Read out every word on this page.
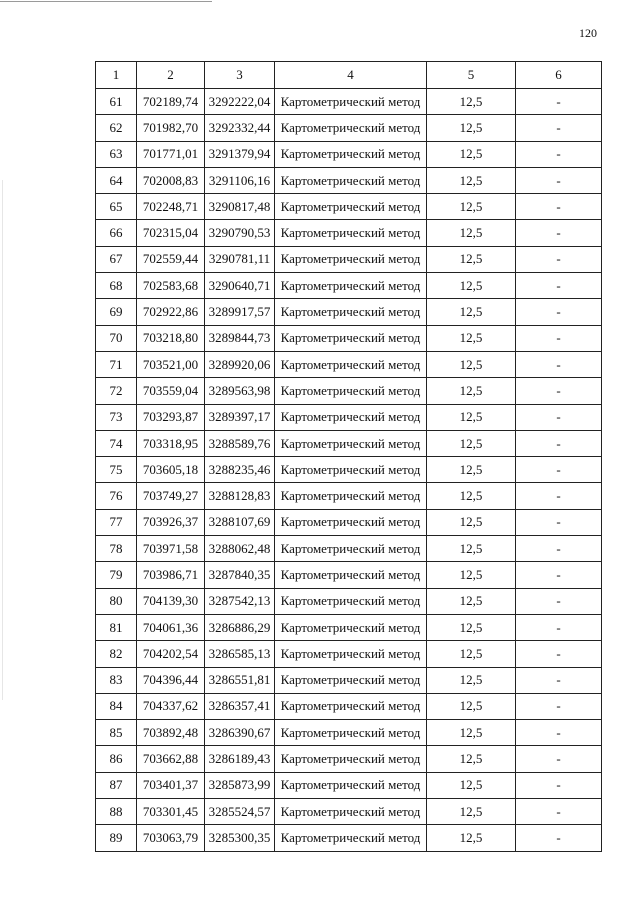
120
1	2	3	4	5	6
61	702189,74	3292222,04	Картометрический метод	12,5	-
62	701982,70	3292332,44	Картометрический метод	12,5	-
63	701771,01	3291379,94	Картометрический метод	12,5	-
64	702008,83	3291106,16	Картометрический метод	12,5	-
65	702248,71	3290817,48	Картометрический метод	12,5	-
66	702315,04	3290790,53	Картометрический метод	12,5	-
67	702559,44	3290781,11	Картометрический метод	12,5	-
68	702583,68	3290640,71	Картометрический метод	12,5	-
69	702922,86	3289917,57	Картометрический метод	12,5	-
70	703218,80	3289844,73	Картометрический метод	12,5	-
71	703521,00	3289920,06	Картометрический метод	12,5	-
72	703559,04	3289563,98	Картометрический метод	12,5	-
73	703293,87	3289397,17	Картометрический метод	12,5	-
74	703318,95	3288589,76	Картометрический метод	12,5	-
75	703605,18	3288235,46	Картометрический метод	12,5	-
76	703749,27	3288128,83	Картометрический метод	12,5	-
77	703926,37	3288107,69	Картометрический метод	12,5	-
78	703971,58	3288062,48	Картометрический метод	12,5	-
79	703986,71	3287840,35	Картометрический метод	12,5	-
80	704139,30	3287542,13	Картометрический метод	12,5	-
81	704061,36	3286886,29	Картометрический метод	12,5	-
82	704202,54	3286585,13	Картометрический метод	12,5	-
83	704396,44	3286551,81	Картометрический метод	12,5	-
84	704337,62	3286357,41	Картометрический метод	12,5	-
85	703892,48	3286390,67	Картометрический метод	12,5	-
86	703662,88	3286189,43	Картометрический метод	12,5	-
87	703401,37	3285873,99	Картометрический метод	12,5	-
88	703301,45	3285524,57	Картометрический метод	12,5	-
89	703063,79	3285300,35	Картометрический метод	12,5	-
